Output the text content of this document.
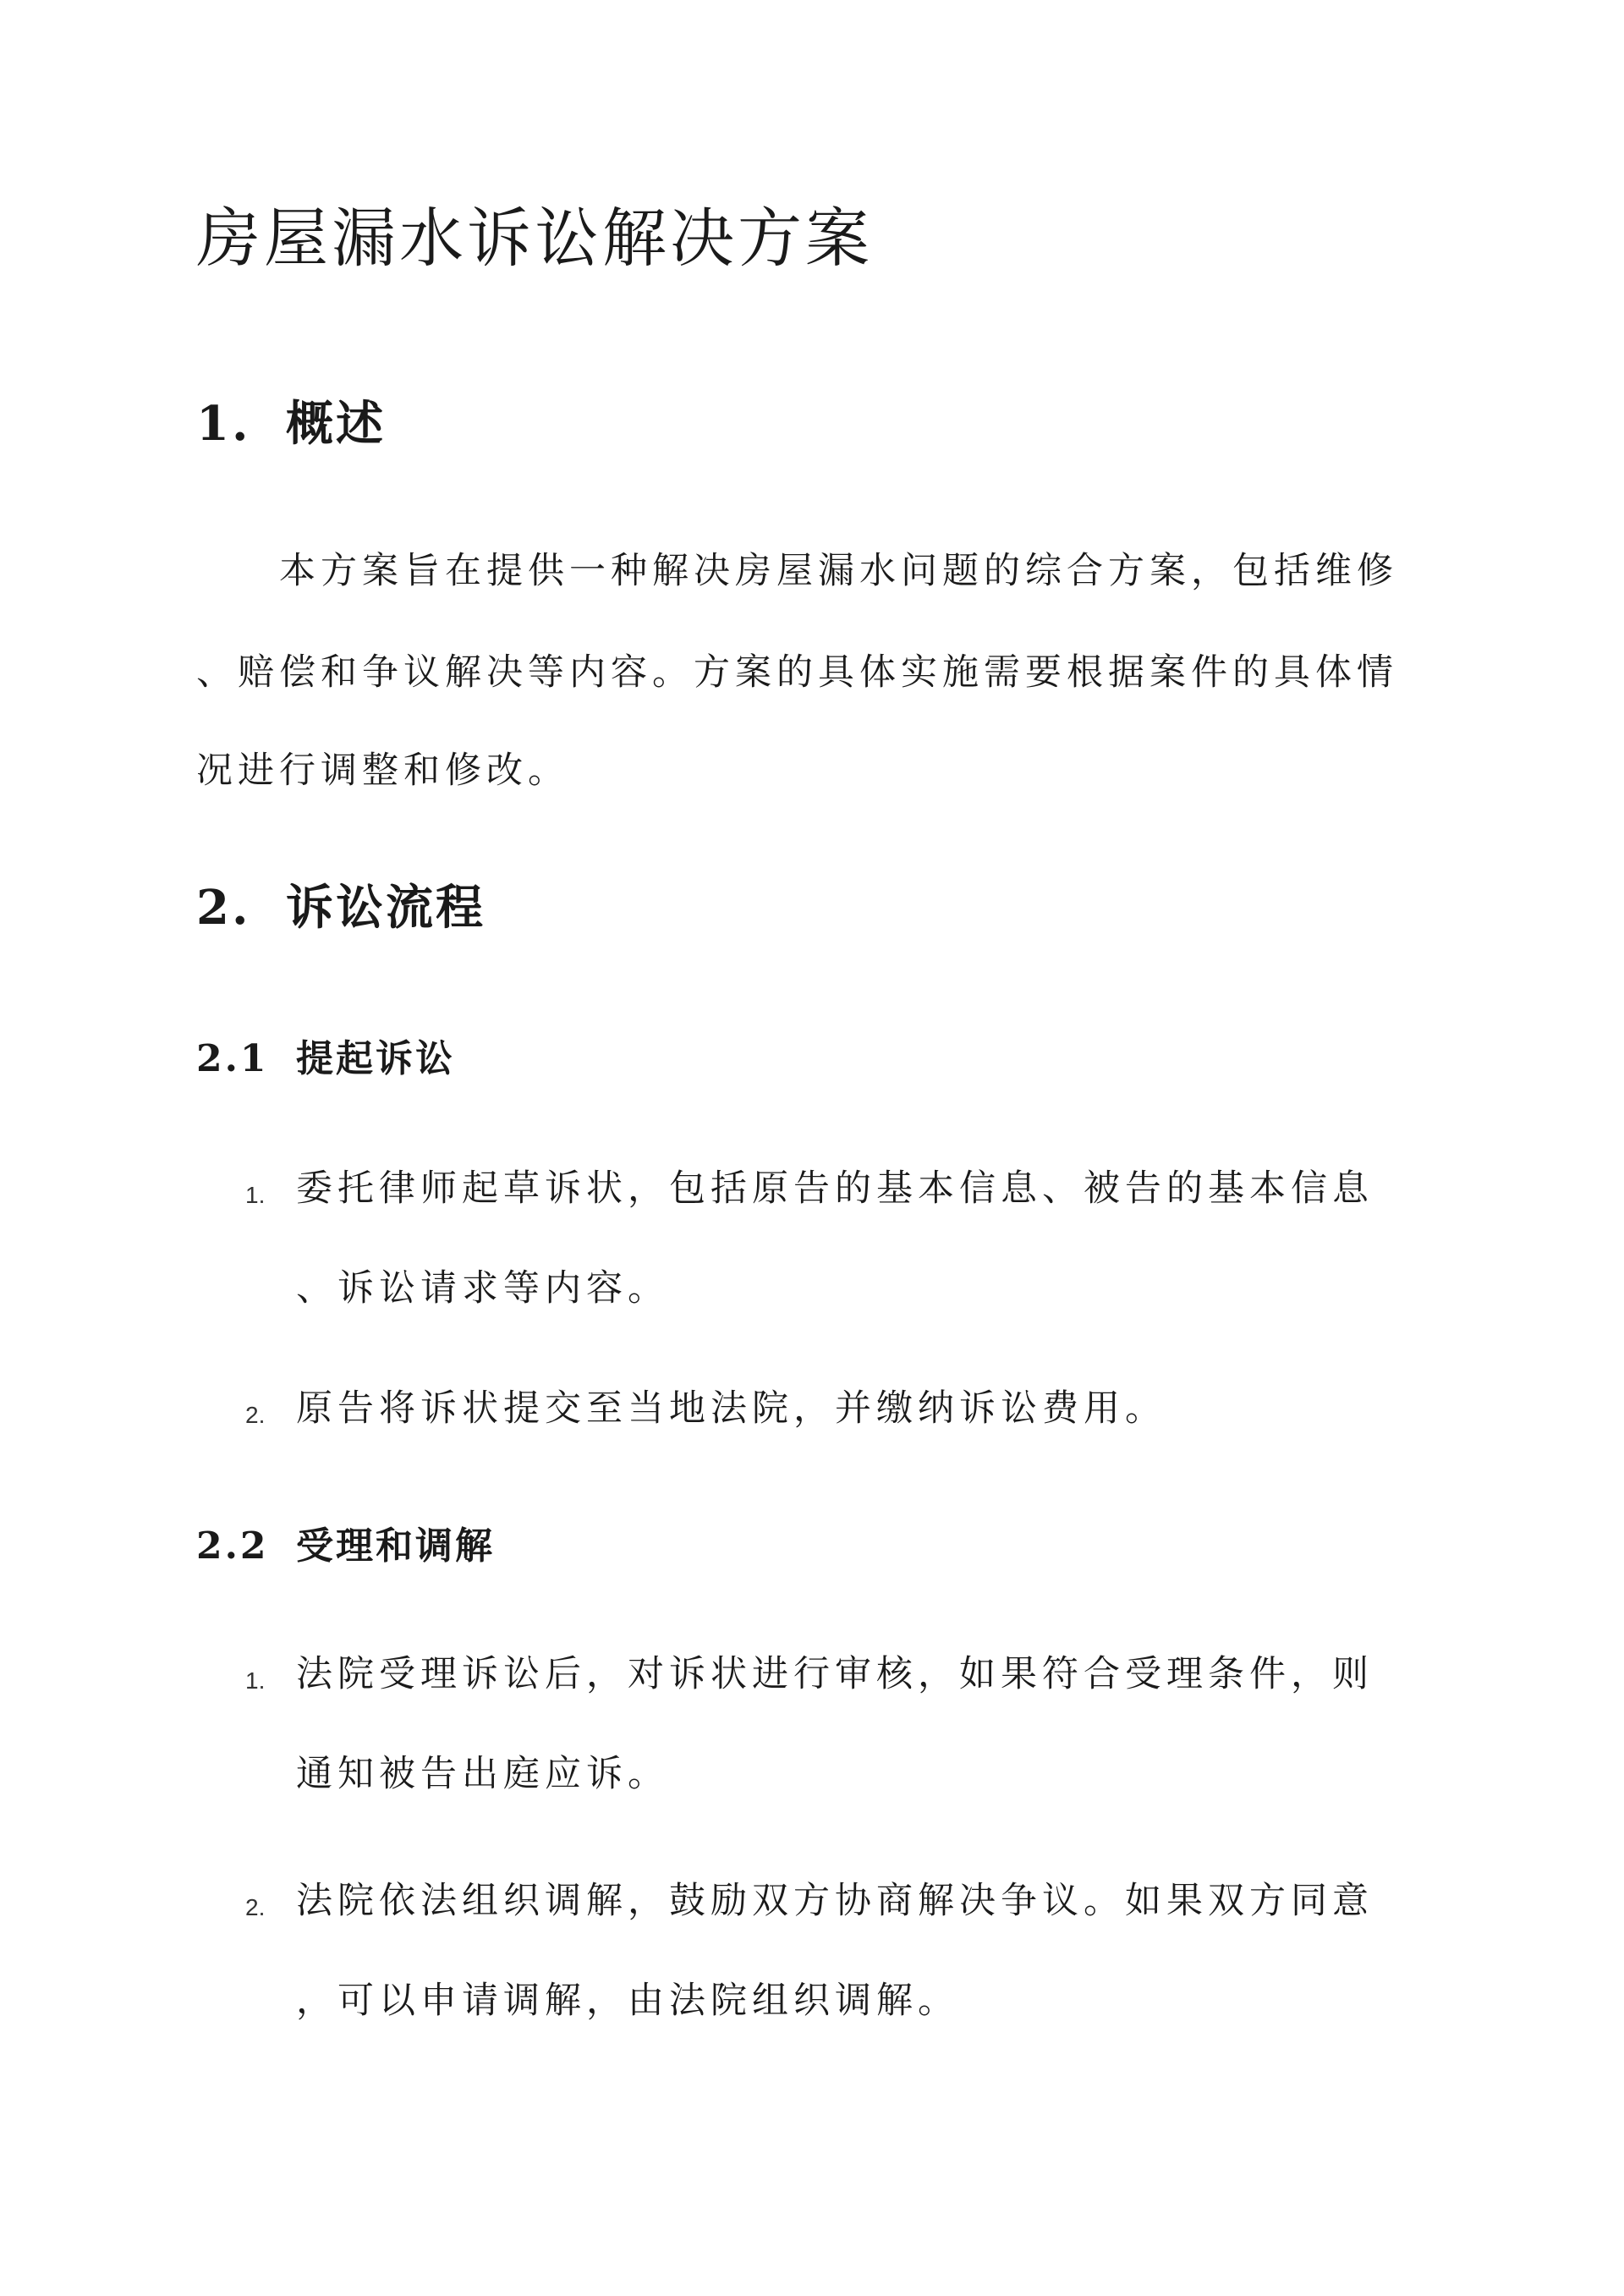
房屋漏水诉讼解决方案
1. 概述

本方案旨在提供一种解决房屋漏水问题的综合方案，包括维修

、赔偿和争议解决等内容。方案的具体实施需要根据案件的具体情

况进行调整和修改。

2. 诉讼流程
2.1 提起诉讼

1. 委托律师起草诉状，包括原告的基本信息、被告的基本信息

、诉讼请求等内容。

2. 原告将诉状提交至当地法院，并缴纳诉讼费用。

2.2 受理和调解

1. 法院受理诉讼后，对诉状进行审核，如果符合受理条件，则

通知被告出庭应诉。

2. 法院依法组织调解，鼓励双方协商解决争议。如果双方同意

，可以申请调解，由法院组织调解。
